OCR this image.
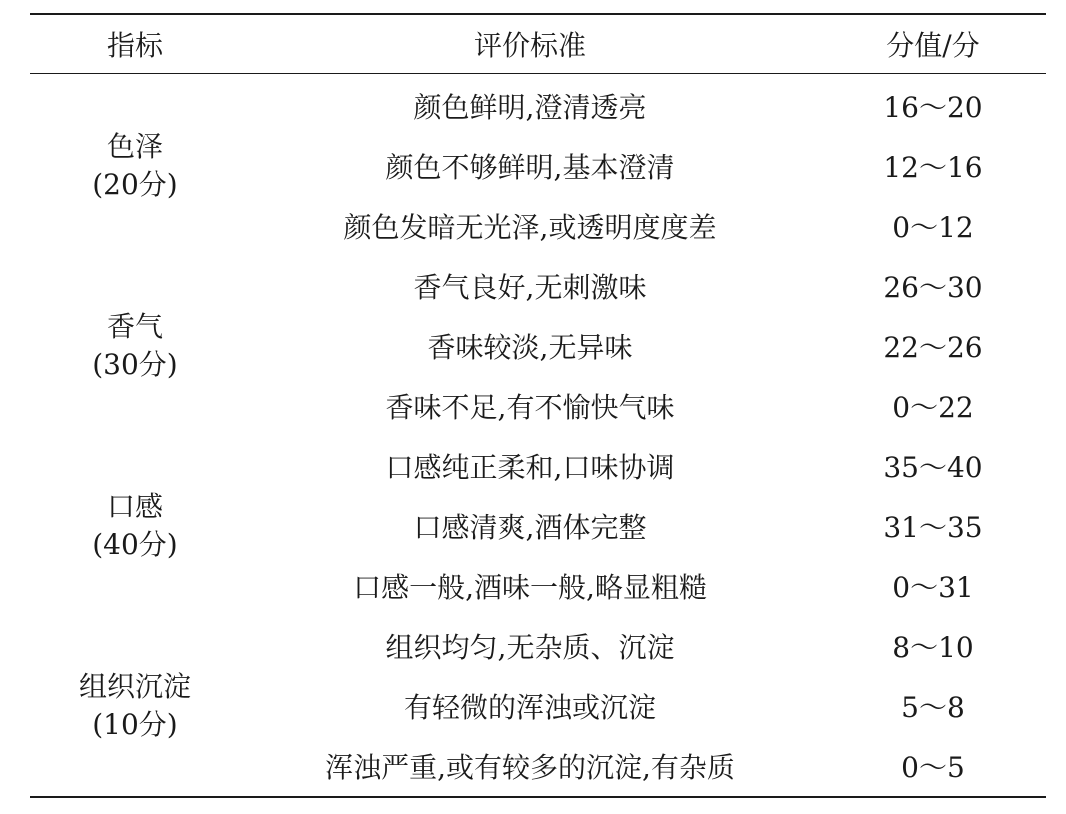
指标	评价标准	分值/分

色泽
(20分)	颜色鲜明,澄清透亮	16～20
	颜色不够鲜明,基本澄清	12～16
	颜色发暗无光泽,或透明度度差	0～12

香气
(30分)	香气良好,无刺激味	26～30
	香味较淡,无异味	22～26
	香味不足,有不愉快气味	0～22

口感
(40分)	口感纯正柔和,口味协调	35～40
	口感清爽,酒体完整	31～35
	口感一般,酒味一般,略显粗糙	0～31

组织沉淀
(10分)	组织均匀,无杂质、沉淀	8～10
	有轻微的浑浊或沉淀	5～8
	浑浊严重,或有较多的沉淀,有杂质	0～5
